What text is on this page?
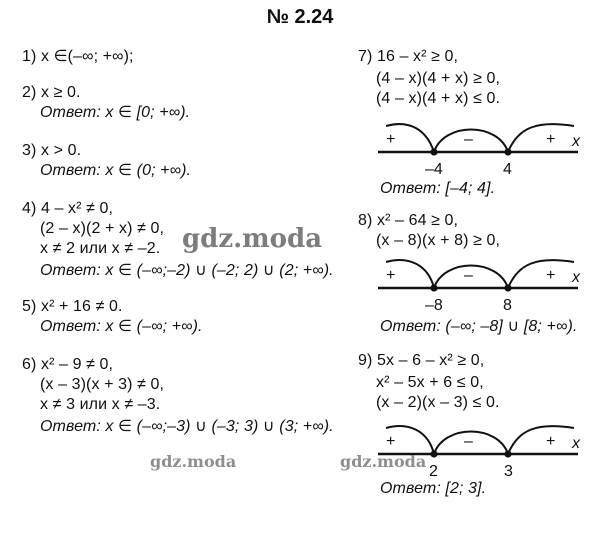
№ 2.24
1) x ∈(–∞; +∞);
2) x ≥ 0.
Ответ: x ∈ [0; +∞).
3) x > 0.
Ответ: x ∈ (0; +∞).
4) 4 – x² ≠ 0,
(2 – x)(2 + x) ≠ 0,
x ≠ 2 или x ≠ –2.
Ответ: x ∈ (–∞;–2) ∪ (–2; 2) ∪ (2; +∞).
5) x² + 16 ≠ 0.
Ответ: x ∈ (–∞; +∞).
6) x² – 9 ≠ 0,
(x – 3)(x + 3) ≠ 0,
x ≠ 3 или x ≠ –3.
Ответ: x ∈ (–∞;–3) ∪ (–3; 3) ∪ (3; +∞).
7) 16 – x² ≥ 0,
(4 – x)(4 + x) ≥ 0,
(4 – x)(4 + x) ≤ 0.
+	–	+
–4	4
x
Ответ: [–4; 4].
8) x² – 64 ≥ 0,
(x – 8)(x + 8) ≥ 0,
+	–	+
–8	8
x
Ответ: (–∞; –8] ∪ [8; +∞).
9) 5x – 6 – x² ≥ 0,
x² – 5x + 6 ≤ 0,
(x – 2)(x – 3) ≤ 0.
+	–	+
2	3
x
Ответ: [2; 3].
gdz.moda
gdz.moda	gdz.moda
